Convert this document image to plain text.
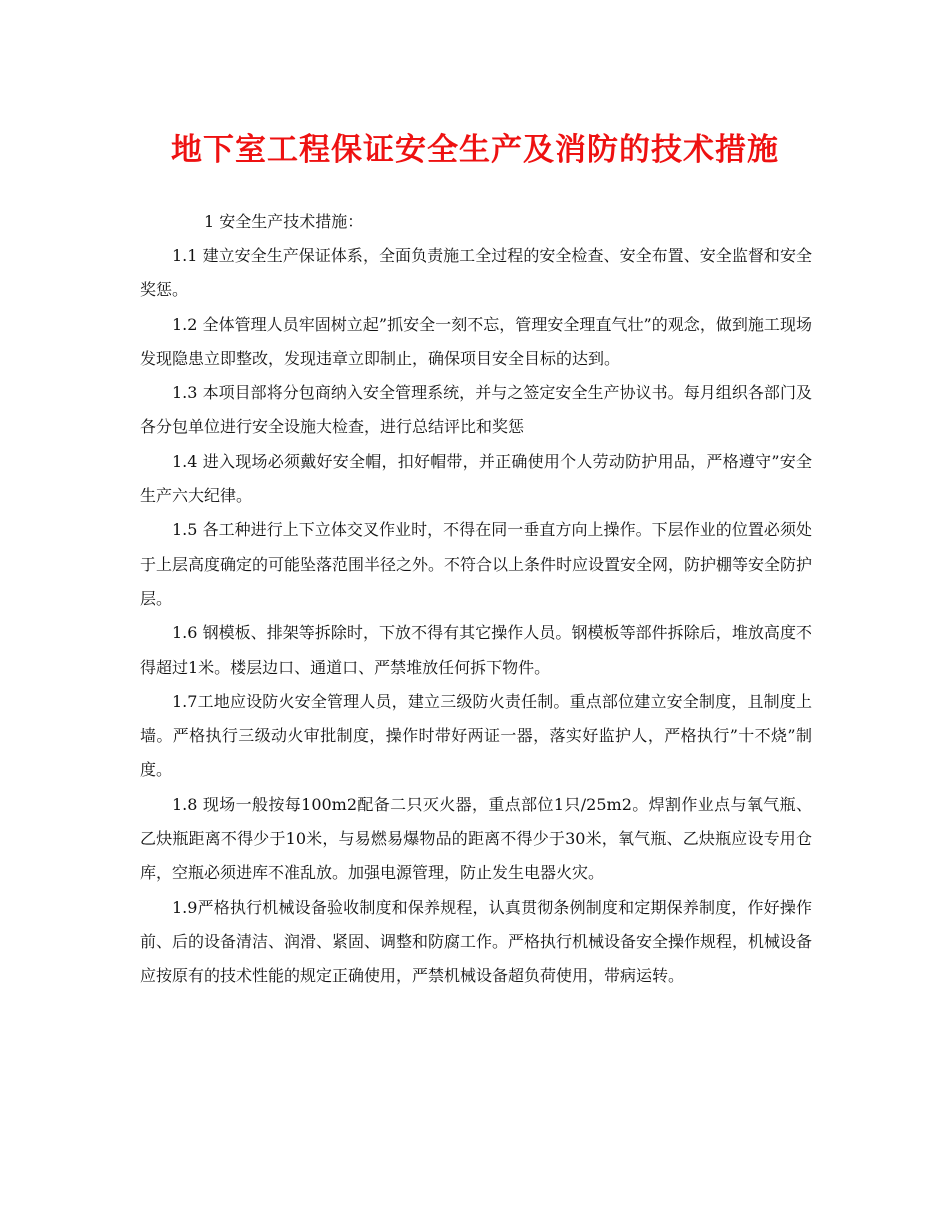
地下室工程保证安全生产及消防的技术措施

1 安全生产技术措施：

1.1 建立安全生产保证体系，全面负责施工全过程的安全检查、安全布置、安全监督和安全奖惩。

1.2 全体管理人员牢固树立起”抓安全一刻不忘，管理安全理直气壮”的观念，做到施工现场发现隐患立即整改，发现违章立即制止，确保项目安全目标的达到。

1.3 本项目部将分包商纳入安全管理系统，并与之签定安全生产协议书。每月组织各部门及各分包单位进行安全设施大检查，进行总结评比和奖惩

1.4 进入现场必须戴好安全帽，扣好帽带，并正确使用个人劳动防护用品，严格遵守”安全生产六大纪律。

1.5 各工种进行上下立体交叉作业时，不得在同一垂直方向上操作。下层作业的位置必须处于上层高度确定的可能坠落范围半径之外。不符合以上条件时应设置安全网，防护棚等安全防护层。

1.6 钢模板、排架等拆除时，下放不得有其它操作人员。钢模板等部件拆除后，堆放高度不得超过1米。楼层边口、通道口、严禁堆放任何拆下物件。

1.7工地应设防火安全管理人员，建立三级防火责任制。重点部位建立安全制度，且制度上墙。严格执行三级动火审批制度，操作时带好两证一器，落实好监护人，严格执行”十不烧”制度。

1.8 现场一般按每100m2配备二只灭火器，重点部位1只/25m2。焊割作业点与氧气瓶、乙炔瓶距离不得少于10米，与易燃易爆物品的距离不得少于30米，氧气瓶、乙炔瓶应设专用仓库，空瓶必须进库不准乱放。加强电源管理，防止发生电器火灾。

1.9严格执行机械设备验收制度和保养规程，认真贯彻条例制度和定期保养制度，作好操作前、后的设备清洁、润滑、紧固、调整和防腐工作。严格执行机械设备安全操作规程，机械设备应按原有的技术性能的规定正确使用，严禁机械设备超负荷使用，带病运转。
